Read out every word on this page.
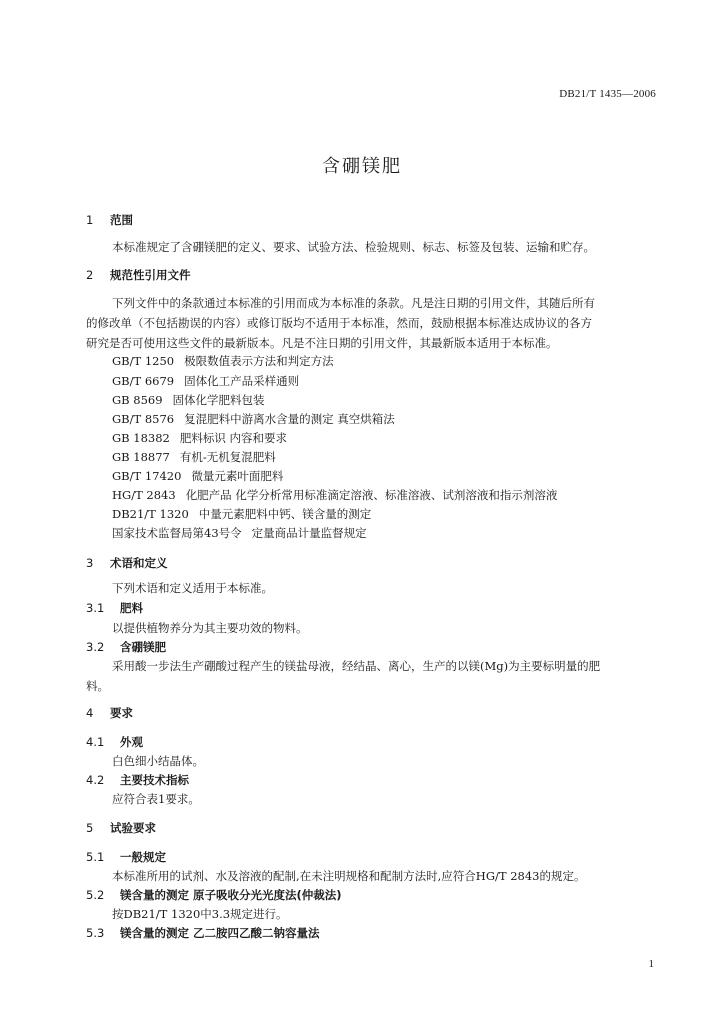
DB21/T 1435—2006
含硼镁肥
1 范围
本标准规定了含硼镁肥的定义、要求、试验方法、检验规则、标志、标签及包装、运输和贮存。
2 规范性引用文件
下列文件中的条款通过本标准的引用而成为本标准的条款。凡是注日期的引用文件，其随后所有
的修改单（不包括勘误的内容）或修订版均不适用于本标准，然而，鼓励根据本标准达成协议的各方
研究是否可使用这些文件的最新版本。凡是不注日期的引用文件，其最新版本适用于本标准。
GB/T 1250 极限数值表示方法和判定方法
GB/T 6679 固体化工产品采样通则
GB 8569 固体化学肥料包装
GB/T 8576 复混肥料中游离水含量的测定 真空烘箱法
GB 18382 肥料标识 内容和要求
GB 18877 有机-无机复混肥料
GB/T 17420 微量元素叶面肥料
HG/T 2843 化肥产品 化学分析常用标准滴定溶液、标准溶液、试剂溶液和指示剂溶液
DB21/T 1320 中量元素肥料中钙、镁含量的测定
国家技术监督局第43号令 定量商品计量监督规定
3 术语和定义
下列术语和定义适用于本标准。
3.1 肥料
以提供植物养分为其主要功效的物料。
3.2 含硼镁肥
采用酸一步法生产硼酸过程产生的镁盐母液，经结晶、离心，生产的以镁(Mg)为主要标明量的肥
料。
4 要求
4.1 外观
白色细小结晶体。
4.2 主要技术指标
应符合表1要求。
5 试验要求
5.1 一般规定
本标准所用的试剂、水及溶液的配制,在未注明规格和配制方法时,应符合HG/T 2843的规定。
5.2 镁含量的测定 原子吸收分光光度法(仲裁法)
按DB21/T 1320中3.3规定进行。
5.3 镁含量的测定 乙二胺四乙酸二钠容量法
1
